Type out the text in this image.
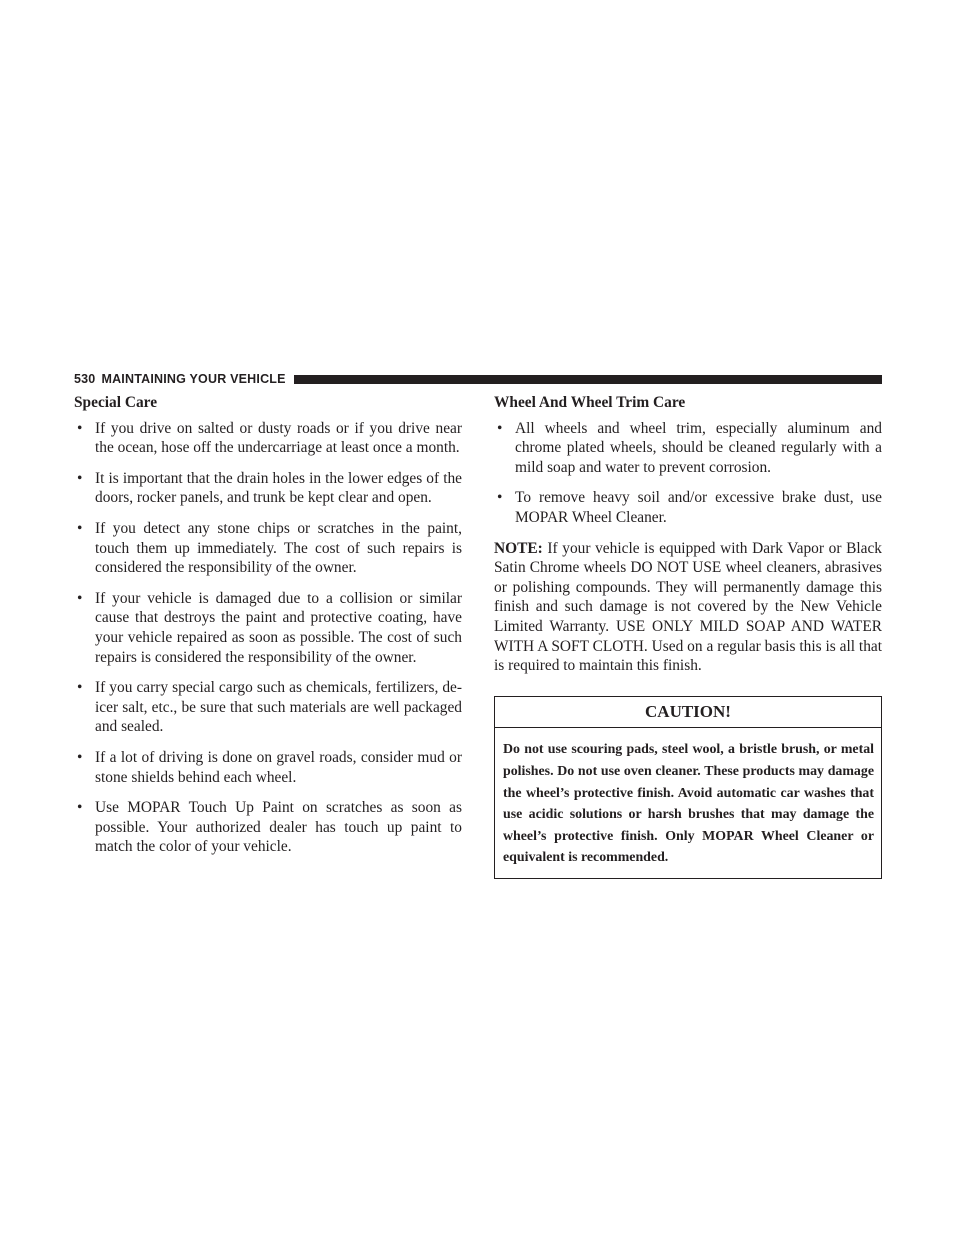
530 MAINTAINING YOUR VEHICLE
Special Care
• If you drive on salted or dusty roads or if you drive near the ocean, hose off the undercarriage at least once a month.
• It is important that the drain holes in the lower edges of the doors, rocker panels, and trunk be kept clear and open.
• If you detect any stone chips or scratches in the paint, touch them up immediately. The cost of such repairs is considered the responsibility of the owner.
• If your vehicle is damaged due to a collision or similar cause that destroys the paint and protective coating, have your vehicle repaired as soon as possible. The cost of such repairs is considered the responsibility of the owner.
• If you carry special cargo such as chemicals, fertilizers, de-icer salt, etc., be sure that such materials are well packaged and sealed.
• If a lot of driving is done on gravel roads, consider mud or stone shields behind each wheel.
• Use MOPAR Touch Up Paint on scratches as soon as possible. Your authorized dealer has touch up paint to match the color of your vehicle.
Wheel And Wheel Trim Care
• All wheels and wheel trim, especially aluminum and chrome plated wheels, should be cleaned regularly with a mild soap and water to prevent corrosion.
• To remove heavy soil and/or excessive brake dust, use MOPAR Wheel Cleaner.

NOTE: If your vehicle is equipped with Dark Vapor or Black Satin Chrome wheels DO NOT USE wheel cleaners, abrasives or polishing compounds. They will permanently damage this finish and such damage is not covered by the New Vehicle Limited Warranty. USE ONLY MILD SOAP AND WATER WITH A SOFT CLOTH. Used on a regular basis this is all that is required to maintain this finish.

CAUTION!
Do not use scouring pads, steel wool, a bristle brush, or metal polishes. Do not use oven cleaner. These products may damage the wheel’s protective finish. Avoid automatic car washes that use acidic solutions or harsh brushes that may damage the wheel’s protective finish. Only MOPAR Wheel Cleaner or equivalent is recommended.
